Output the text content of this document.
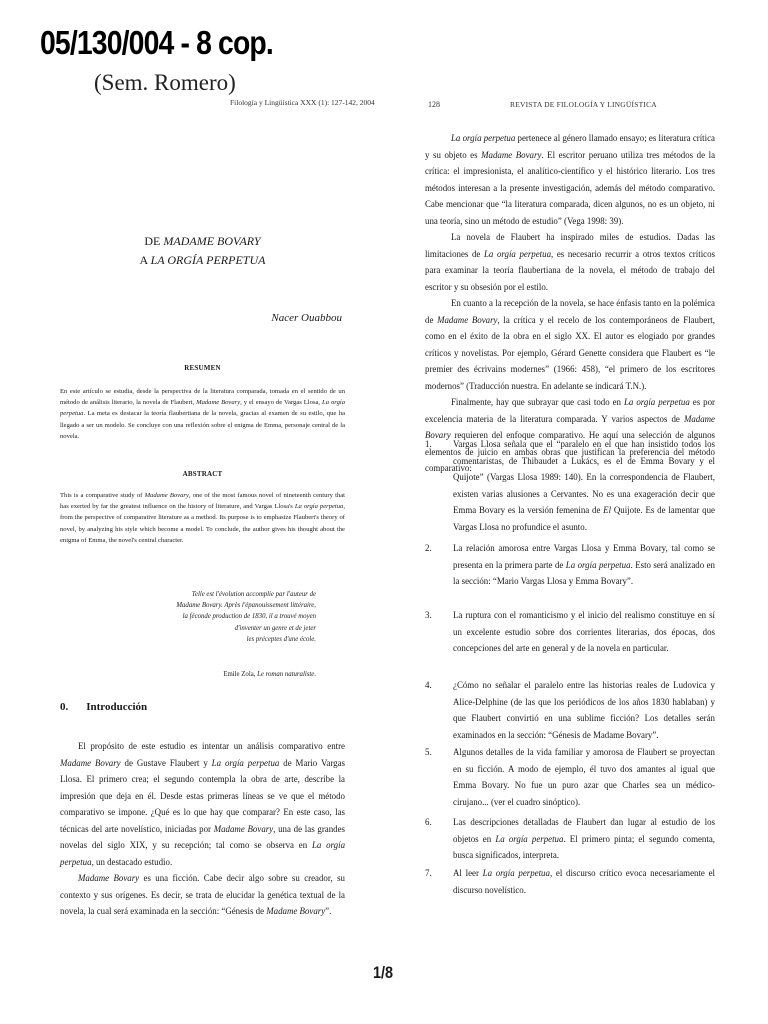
05/130/004 - 8 cop.
(Sem. Romero)
Filología y Lingüística XXX (1): 127-142, 2004	128	REVISTA DE FILOLOGÍA Y LINGÜÍSTICA
DE MADAME BOVARY
A LA ORGÍA PERPETUA
Nacer Ouabbou
RESUMEN
En este artículo se estudia, desde la perspectiva de la literatura comparada, tomada en el sentido de un método de análisis literario, la novela de Flaubert, Madame Bovary, y el ensayo de Vargas Llosa, La orgía perpetua. La meta es destacar la teoría flaubertiana de la novela, gracias al examen de su estilo, que ha llegado a ser un modelo. Se concluye con una reflexión sobre el enigma de Emma, personaje central de la novela.
ABSTRACT
This is a comparative study of Madame Bovary, one of the most famous novel of nineteenth century that has exerted by far the greatest influence on the history of literature, and Vargas Llosa's La orgía perpetua, from the perspective of comparative literature as a method. Its purpose is to emphasize Flaubert's theory of novel, by analyzing his style which become a model. To conclude, the author gives his thought about the enigma of Emma, the novel's central character.
Telle est l'évolution accomplie par l'auteur de
Madame Bovary. Après l'épanouissement littéraire,
la féconde production de 1830, il a trouvé moyen
d'inventer un genre et de jeter
les préceptes d'une école.
Emile Zola, Le roman naturaliste.
0. Introducción

El propósito de este estudio es intentar un análisis comparativo entre Madame Bovary de Gustave Flaubert y La orgía perpetua de Mario Vargas Llosa. El primero crea; el segundo contempla la obra de arte, describe la impresión que deja en él. Desde estas primeras líneas se ve que el método comparativo se impone. ¿Qué es lo que hay que comparar? En este caso, las técnicas del arte novelístico, iniciadas por Madame Bovary, una de las grandes novelas del siglo XIX, y su recepción; tal como se observa en La orgía perpetua, un destacado estudio.

Madame Bovary es una ficción. Cabe decir algo sobre su creador, su contexto y sus orígenes. Es decir, se trata de elucidar la genética textual de la novela, la cual será examinada en la sección: “Génesis de Madame Bovary”.

La orgía perpetua pertenece al género llamado ensayo; es literatura crítica y su objeto es Madame Bovary. El escritor peruano utiliza tres métodos de la crítica: el impresionista, el analítico-científico y el histórico literario. Los tres métodos interesan a la presente investigación, además del método comparativo. Cabe mencionar que “la literatura comparada, dicen algunos, no es un objeto, ni una teoría, sino un método de estudio” (Vega 1998: 39).

La novela de Flaubert ha inspirado miles de estudios. Dadas las limitaciones de La orgía perpetua, es necesario recurrir a otros textos críticos para examinar la teoría flaubertiana de la novela, el método de trabajo del escritor y su obsesión por el estilo.

En cuanto a la recepción de la novela, se hace énfasis tanto en la polémica de Madame Bovary, la crítica y el recelo de los contemporáneos de Flaubert, como en el éxito de la obra en el siglo XX. El autor es elogiado por grandes críticos y novelistas. Por ejemplo, Gérard Genette considera que Flaubert es “le premier des écrivains modernes” (1966: 458), “el primero de los escritores modernos” (Traducción nuestra. En adelante se indicará T.N.).

Finalmente, hay que subrayar que casi todo en La orgía perpetua es por excelencia materia de la literatura comparada. Y varios aspectos de Madame Bovary requieren del enfoque comparativo. He aquí una selección de algunos elementos de juicio en ambas obras que justifican la preferencia del método comparativo:

1. Vargas Llosa señala que el “paralelo en el que han insistido todos los comentaristas, de Thibaudet a Lukács, es el de Emma Bovary y el Quijote” (Vargas Llosa 1989: 140). En la correspondencia de Flaubert, existen varias alusiones a Cervantes. No es una exageración decir que Emma Bovary es la versión femenina de El Quijote. Es de lamentar que Vargas Llosa no profundice el asunto.
2. La relación amorosa entre Vargas Llosa y Emma Bovary, tal como se presenta en la primera parte de La orgía perpetua. Esto será analizado en la sección: “Mario Vargas Llosa y Emma Bovary”.
3. La ruptura con el romanticismo y el inicio del realismo constituye en sí un excelente estudio sobre dos corrientes literarias, dos épocas, dos concepciones del arte en general y de la novela en particular.
4. ¿Cómo no señalar el paralelo entre las historias reales de Ludovica y Alice-Delphine (de las que los periódicos de los años 1830 hablaban) y que Flaubert convirtió en una sublime ficción? Los detalles serán examinados en la sección: “Génesis de Madame Bovary”.
5. Algunos detalles de la vida familiar y amorosa de Flaubert se proyectan en su ficción. A modo de ejemplo, él tuvo dos amantes al igual que Emma Bovary. No fue un puro azar que Charles sea un médico-cirujano... (ver el cuadro sinóptico).
6. Las descripciones detalladas de Flaubert dan lugar al estudio de los objetos en La orgía perpetua. El primero pinta; el segundo comenta, busca significados, interpreta.
7. Al leer La orgía perpetua, el discurso crítico evoca necesariamente el discurso novelístico.
1/8
